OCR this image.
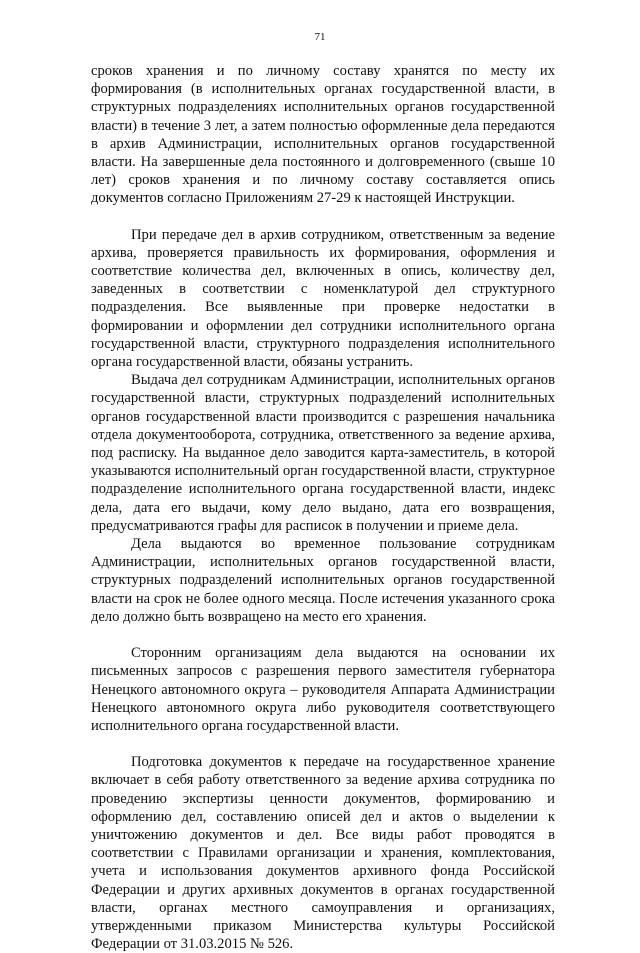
71

сроков хранения и по личному составу хранятся по месту их формирования (в исполнительных органах государственной власти, в структурных подразделениях исполнительных органов государственной власти) в течение 3 лет, а затем полностью оформленные дела передаются в архив Администрации, исполнительных органов государственной власти. На завершенные дела постоянного и долговременного (свыше 10 лет) сроков хранения и по личному составу составляется опись документов согласно Приложениям 27-29 к настоящей Инструкции.

При передаче дел в архив сотрудником, ответственным за ведение архива, проверяется правильность их формирования, оформления и соответствие количества дел, включенных в опись, количеству дел, заведенных в соответствии с номенклатурой дел структурного подразделения. Все выявленные при проверке недостатки в формировании и оформлении дел сотрудники исполнительного органа государственной власти, структурного подразделения исполнительного органа государственной власти, обязаны устранить.

Выдача дел сотрудникам Администрации, исполнительных органов государственной власти, структурных подразделений исполнительных органов государственной власти производится с разрешения начальника отдела документооборота, сотрудника, ответственного за ведение архива, под расписку. На выданное дело заводится карта-заместитель, в которой указываются исполнительный орган государственной власти, структурное подразделение исполнительного органа государственной власти, индекс дела, дата его выдачи, кому дело выдано, дата его возвращения, предусматриваются графы для расписок в получении и приеме дела.

Дела выдаются во временное пользование сотрудникам Администрации, исполнительных органов государственной власти, структурных подразделений исполнительных органов государственной власти на срок не более одного месяца. После истечения указанного срока дело должно быть возвращено на место его хранения.

Сторонним организациям дела выдаются на основании их письменных запросов с разрешения первого заместителя губернатора Ненецкого автономного округа – руководителя Аппарата Администрации Ненецкого автономного округа либо руководителя соответствующего исполнительного органа государственной власти.

Подготовка документов к передаче на государственное хранение включает в себя работу ответственного за ведение архива сотрудника по проведению экспертизы ценности документов, формированию и оформлению дел, составлению описей дел и актов о выделении к уничтожению документов и дел. Все виды работ проводятся в соответствии с Правилами организации и хранения, комплектования, учета и использования документов архивного фонда Российской Федерации и других архивных документов в органах государственной власти, органах местного самоуправления и организациях, утвержденными приказом Министерства культуры Российской Федерации от 31.03.2015 № 526.
